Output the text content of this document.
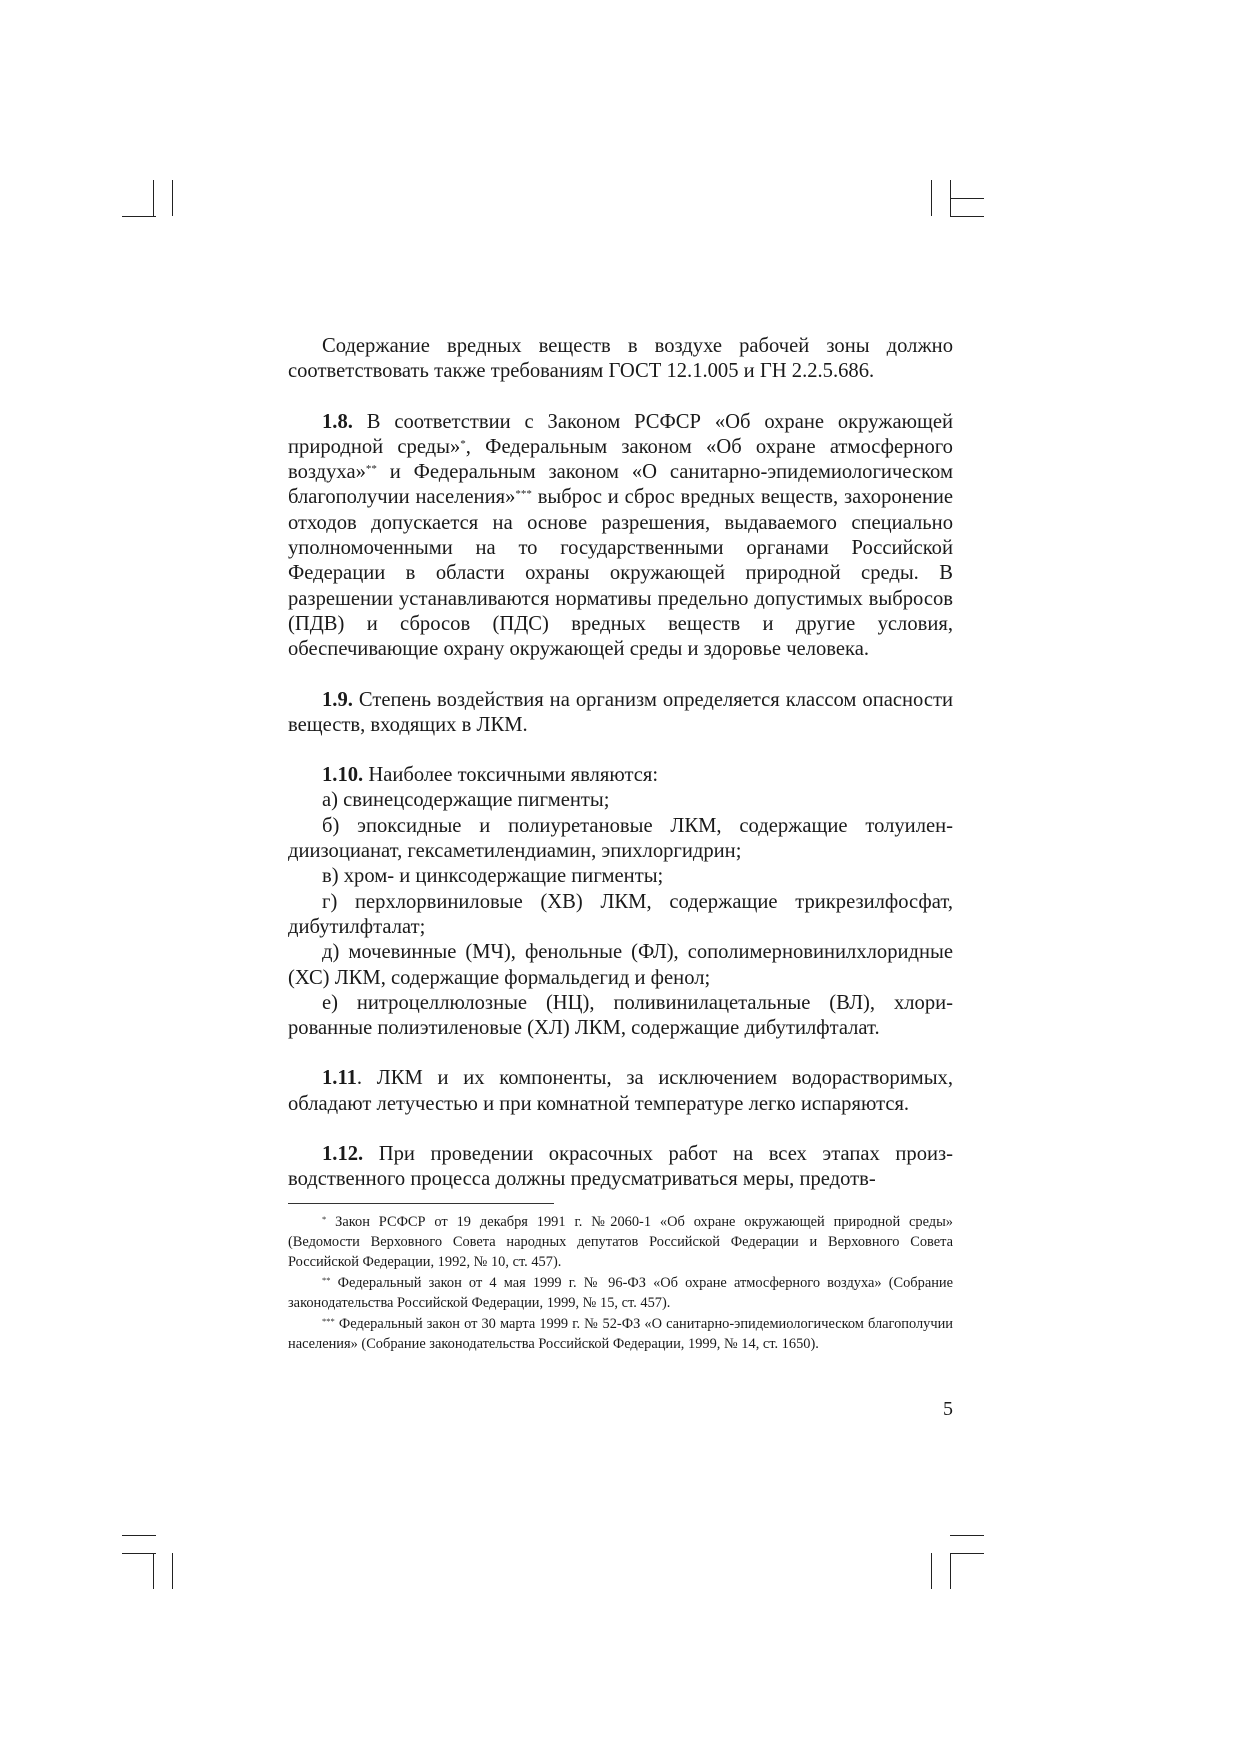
Содержание вредных веществ в воздухе рабочей зоны должно соответствовать также требованиям ГОСТ 12.1.005 и ГН 2.2.5.686.

1.8. В соответствии с Законом РСФСР «Об охране окружающей природной среды»*, Федеральным законом «Об охране атмосферного воздуха»** и Федеральным законом «О санитарно-эпидемиологическом благополучии населения»*** выброс и сброс вредных веществ, захоронение отходов допускается на основе разрешения, выдаваемого специально уполномоченными на то государственными органами Российской Федерации в области охраны окружающей природной среды. В разрешении устанавливаются нормативы предельно допустимых выбросов (ПДВ) и сбросов (ПДС) вредных веществ и другие условия, обеспечивающие охрану окружающей среды и здоровье человека.

1.9. Степень воздействия на организм определяется классом опасности веществ, входящих в ЛКМ.

1.10. Наиболее токсичными являются:

а) свинецсодержащие пигменты;

б) эпоксидные и полиуретановые ЛКМ, содержащие толуилендиизоцианат, гексаметилендиамин, эпихлоргидрин;

в) хром- и цинксодержащие пигменты;

г) перхлорвиниловые (ХВ) ЛКМ, содержащие трикрезилфосфат, дибутилфталат;

д) мочевинные (МЧ), фенольные (ФЛ), сополимерновинилхлоридные (ХС) ЛКМ, содержащие формальдегид и фенол;

е) нитроцеллюлозные (НЦ), поливинилацетальные (ВЛ), хлорированные полиэтиленовые (ХЛ) ЛКМ, содержащие дибутилфталат.

1.11. ЛКМ и их компоненты, за исключением водорастворимых, обладают летучестью и при комнатной температуре легко испаряются.

1.12. При проведении окрасочных работ на всех этапах производственного процесса должны предусматриваться меры, предотв-

* Закон РСФСР от 19 декабря 1991 г. №2060-1 «Об охране окружающей природной среды» (Ведомости Верховного Совета народных депутатов Российской Федерации и Верховного Совета Российской Федерации, 1992, № 10, ст. 457).

** Федеральный закон от 4 мая 1999 г. № 96-ФЗ «Об охране атмосферного воздуха» (Собрание законодательства Российской Федерации, 1999, № 15, ст. 457).

*** Федеральный закон от 30 марта 1999 г. № 52-ФЗ «О санитарно-эпидемиологическом благополучии населения» (Собрание законодательства Российской Федерации, 1999, № 14, ст. 1650).

5
